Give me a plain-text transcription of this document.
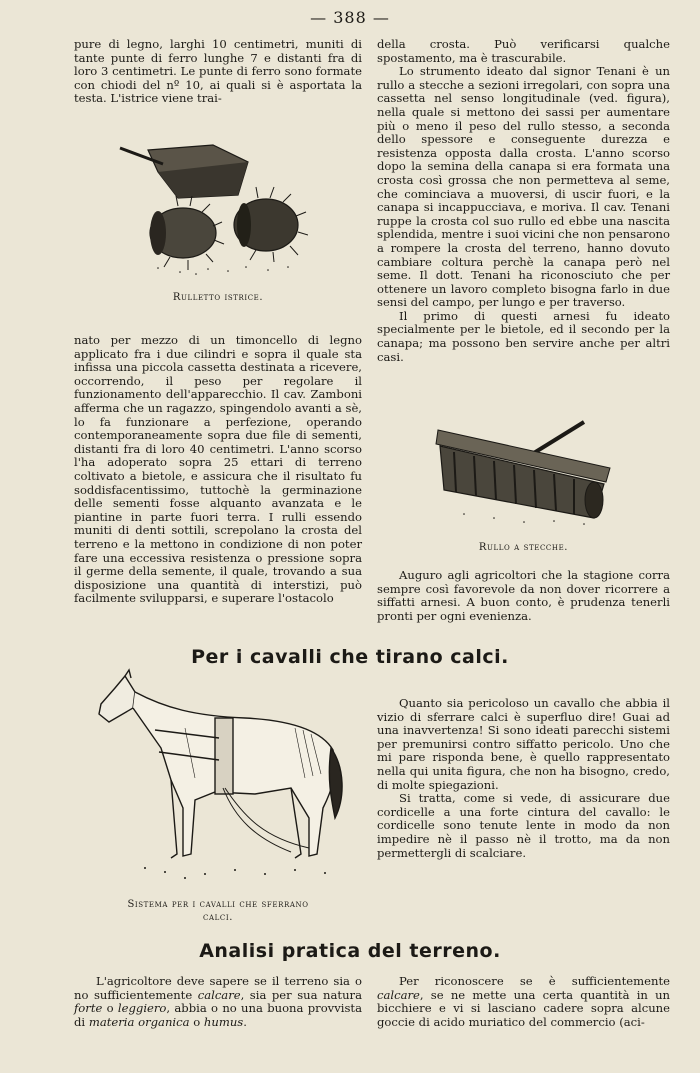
— 388 —

pure di legno, larghi 10 centimetri, muniti di tante punte di ferro lunghe 7 e distanti fra di loro 3 centimetri. Le punte di ferro sono formate con chiodi del nº 10, ai quali si è asportata la testa. L'istrice viene trai-

Rulletto istrice.

nato per mezzo di un timoncello di legno applicato fra i due cilindri e sopra il quale sta infissa una piccola cassetta destinata a ricevere, occorrendo, il peso per regolare il funzionamento dell'apparecchio. Il cav. Zamboni afferma che un ragazzo, spingendolo avanti a sè, lo fa funzionare a perfezione, operando contemporaneamente sopra due file di sementi, distanti fra di loro 40 centimetri. L'anno scorso l'ha adoperato sopra 25 ettari di terreno coltivato a bietole, e assicura che il risultato fu soddisfacentissimo, tuttochè la germinazione delle sementi fosse alquanto avanzata e le piantine in parte fuori terra. I rulli essendo muniti di denti sottili, screpolano la crosta del terreno e la mettono in condizione di non poter fare una eccessiva resistenza o pressione sopra il germe della semente, il quale, trovando a sua disposizione una quantità di interstizi, può facilmente svilupparsi, e superare l'ostacolo

della crosta. Può verificarsi qualche spostamento, ma è trascurabile.

Lo strumento ideato dal signor Tenani è un rullo a stecche a sezioni irregolari, con sopra una cassetta nel senso longitudinale (ved. figura), nella quale si mettono dei sassi per aumentare più o meno il peso del rullo stesso, a seconda dello spessore e conseguente durezza e resistenza opposta dalla crosta. L'anno scorso dopo la semina della canapa si era formata una crosta così grossa che non permetteva al seme, che cominciava a muoversi, di uscir fuori, e la canapa si incappucciava, e moriva. Il cav. Tenani ruppe la crosta col suo rullo ed ebbe una nascita splendida, mentre i suoi vicini che non pensarono a rompere la crosta del terreno, hanno dovuto cambiare coltura perchè la canapa però nel seme. Il dott. Tenani ha riconosciuto che per ottenere un lavoro completo bisogna farlo in due sensi del campo, per lungo e per traverso.

Il primo di questi arnesi fu ideato specialmente per le bietole, ed il secondo per la canapa; ma possono ben servire anche per altri casi.

Rullo a stecche.

Auguro agli agricoltori che la stagione corra sempre così favorevole da non dover ricorrere a siffatti arnesi. A buon conto, è prudenza tenerli pronti per ogni evenienza.

Per i cavalli che tirano calci.
Sistema per i cavalli che sferrano
calci.

Quanto sia pericoloso un cavallo che abbia il vizio di sferrare calci è superfluo dire! Guai ad una inavvertenza! Si sono ideati parecchi sistemi per premunirsi contro siffatto pericolo. Uno che mi pare risponda bene, è quello rappresentato nella qui unita figura, che non ha bisogno, credo, di molte spiegazioni.

Si tratta, come si vede, di assicurare due cordicelle a una forte cintura del cavallo: le cordicelle sono tenute lente in modo da non impedire nè il passo nè il trotto, ma da non permettergli di scalciare.

Analisi pratica del terreno.

L'agricoltore deve sapere se il terreno sia o no sufficientemente calcare, sia per sua natura forte o leggiero, abbia o no una buona provvista di materia organica o humus.

Per riconoscere se è sufficientemente calcare, se ne mette una certa quantità in un bicchiere e vi si lasciano cadere sopra alcune goccie di acido muriatico del commercio (aci-
